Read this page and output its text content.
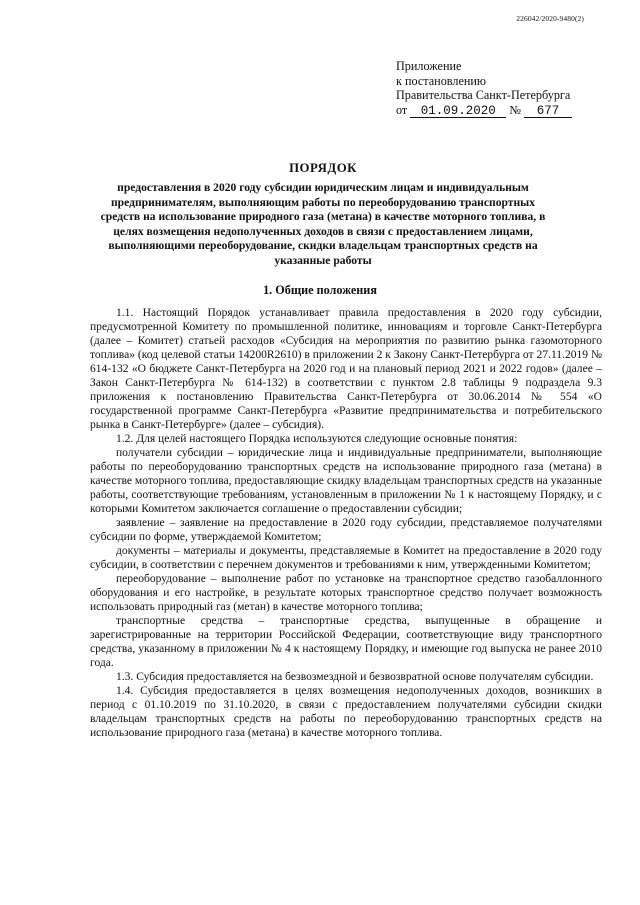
226042/2020-9480(2)
Приложение
к постановлению
Правительства Санкт-Петербурга
от 01.09.2020 № 677
ПОРЯДОК
предоставления в 2020 году субсидии юридическим лицам и индивидуальным предпринимателям, выполняющим работы по переоборудованию транспортных средств на использование природного газа (метана) в качестве моторного топлива, в целях возмещения недополученных доходов в связи с предоставлением лицами, выполняющими переоборудование, скидки владельцам транспортных средств на указанные работы
1. Общие положения

1.1. Настоящий Порядок устанавливает правила предоставления в 2020 году субсидии, предусмотренной Комитету по промышленной политике, инновациям и торговле Санкт-Петербурга (далее – Комитет) статьей расходов «Субсидия на мероприятия по развитию рынка газомоторного топлива» (код целевой статьи 14200R2610) в приложении 2 к Закону Санкт-Петербурга от 27.11.2019 № 614-132 «О бюджете Санкт-Петербурга на 2020 год и на плановый период 2021 и 2022 годов» (далее – Закон Санкт-Петербурга № 614-132) в соответствии с пунктом 2.8 таблицы 9 подраздела 9.3 приложения к постановлению Правительства Санкт-Петербурга от 30.06.2014 № 554 «О государственной программе Санкт-Петербурга «Развитие предпринимательства и потребительского рынка в Санкт-Петербурге» (далее – субсидия).

1.2. Для целей настоящего Порядка используются следующие основные понятия:

получатели субсидии – юридические лица и индивидуальные предприниматели, выполняющие работы по переоборудованию транспортных средств на использование природного газа (метана) в качестве моторного топлива, предоставляющие скидку владельцам транспортных средств на указанные работы, соответствующие требованиям, установленным в приложении № 1 к настоящему Порядку, и с которыми Комитетом заключается соглашение о предоставлении субсидии;

заявление – заявление на предоставление в 2020 году субсидии, представляемое получателями субсидии по форме, утверждаемой Комитетом;

документы – материалы и документы, представляемые в Комитет на предоставление в 2020 году субсидии, в соответствии с перечнем документов и требованиями к ним, утвержденными Комитетом;

переоборудование – выполнение работ по установке на транспортное средство газобаллонного оборудования и его настройке, в результате которых транспортное средство получает возможность использовать природный газ (метан) в качестве моторного топлива;

транспортные средства – транспортные средства, выпущенные в обращение и зарегистрированные на территории Российской Федерации, соответствующие виду транспортного средства, указанному в приложении № 4 к настоящему Порядку, и имеющие год выпуска не ранее 2010 года.

1.3. Субсидия предоставляется на безвозмездной и безвозвратной основе получателям субсидии.

1.4. Субсидия предоставляется в целях возмещения недополученных доходов, возникших в период с 01.10.2019 по 31.10.2020, в связи с предоставлением получателями субсидии скидки владельцам транспортных средств на работы по переоборудованию транспортных средств на использование природного газа (метана) в качестве моторного топлива.
